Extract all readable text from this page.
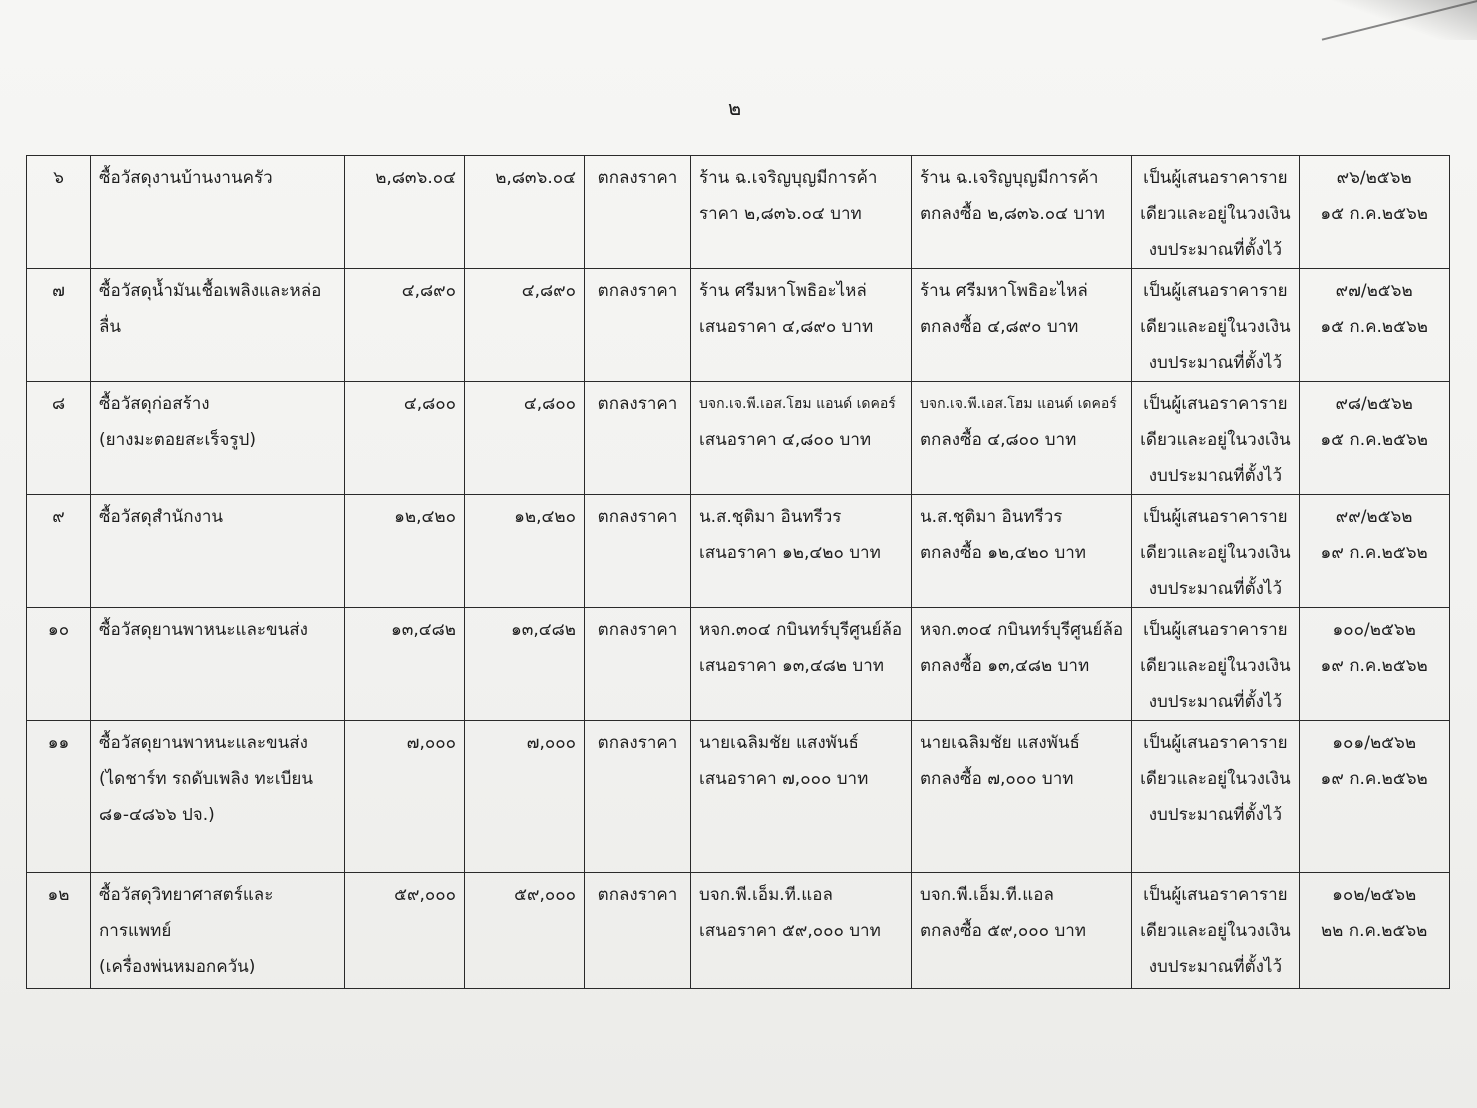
๒
๖	ซื้อวัสดุงานบ้านงานครัว	๒,๘๓๖.๐๔	๒,๘๓๖.๐๔	ตกลงราคา	ร้าน ฉ.เจริญบุญมีการค้า
ราคา ๒,๘๓๖.๐๔ บาท	ร้าน ฉ.เจริญบุญมีการค้า
ตกลงซื้อ ๒,๘๓๖.๐๔ บาท	เป็นผู้เสนอราคาราย
เดียวและอยู่ในวงเงิน
งบประมาณที่ตั้งไว้	๙๖/๒๕๖๒
๑๕ ก.ค.๒๕๖๒

๗	ซื้อวัสดุน้ำมันเชื้อเพลิงและหล่อ
ลื่น	๔,๘๙๐	๔,๘๙๐	ตกลงราคา	ร้าน ศรีมหาโพธิอะไหล่
เสนอราคา ๔,๘๙๐ บาท	ร้าน ศรีมหาโพธิอะไหล่
ตกลงซื้อ ๔,๘๙๐ บาท	เป็นผู้เสนอราคาราย
เดียวและอยู่ในวงเงิน
งบประมาณที่ตั้งไว้	๙๗/๒๕๖๒
๑๕ ก.ค.๒๕๖๒

๘	ซื้อวัสดุก่อสร้าง
(ยางมะตอยสะเร็จรูป)	๔,๘๐๐	๔,๘๐๐	ตกลงราคา	บจก.เจ.พี.เอส.โฮม แอนด์ เดคอร์
เสนอราคา ๔,๘๐๐ บาท	บจก.เจ.พี.เอส.โฮม แอนด์ เดคอร์
ตกลงซื้อ ๔,๘๐๐ บาท	เป็นผู้เสนอราคาราย
เดียวและอยู่ในวงเงิน
งบประมาณที่ตั้งไว้	๙๘/๒๕๖๒
๑๕ ก.ค.๒๕๖๒

๙	ซื้อวัสดุสำนักงาน	๑๒,๔๒๐	๑๒,๔๒๐	ตกลงราคา	น.ส.ชุติมา อินทรีวร
เสนอราคา ๑๒,๔๒๐ บาท	น.ส.ชุติมา อินทรีวร
ตกลงซื้อ ๑๒,๔๒๐ บาท	เป็นผู้เสนอราคาราย
เดียวและอยู่ในวงเงิน
งบประมาณที่ตั้งไว้	๙๙/๒๕๖๒
๑๙ ก.ค.๒๕๖๒

๑๐	ซื้อวัสดุยานพาหนะและขนส่ง	๑๓,๔๘๒	๑๓,๔๘๒	ตกลงราคา	หจก.๓๐๔ กบินทร์บุรีศูนย์ล้อ
เสนอราคา ๑๓,๔๘๒ บาท	หจก.๓๐๔ กบินทร์บุรีศูนย์ล้อ
ตกลงซื้อ ๑๓,๔๘๒ บาท	เป็นผู้เสนอราคาราย
เดียวและอยู่ในวงเงิน
งบประมาณที่ตั้งไว้	๑๐๐/๒๕๖๒
๑๙ ก.ค.๒๕๖๒

๑๑	ซื้อวัสดุยานพาหนะและขนส่ง
(ไดชาร์ท รถดับเพลิง ทะเบียน
๘๑-๔๘๖๖ ปจ.)	๗,๐๐๐	๗,๐๐๐	ตกลงราคา	นายเฉลิมชัย แสงพันธ์
เสนอราคา ๗,๐๐๐ บาท	นายเฉลิมชัย แสงพันธ์
ตกลงซื้อ ๗,๐๐๐ บาท	เป็นผู้เสนอราคาราย
เดียวและอยู่ในวงเงิน
งบประมาณที่ตั้งไว้	๑๐๑/๒๕๖๒
๑๙ ก.ค.๒๕๖๒

๑๒	ซื้อวัสดุวิทยาศาสตร์และ
การแพทย์
(เครื่องพ่นหมอกควัน)	๕๙,๐๐๐	๕๙,๐๐๐	ตกลงราคา	บจก.พี.เอ็ม.ที.แอล
เสนอราคา ๕๙,๐๐๐ บาท	บจก.พี.เอ็ม.ที.แอล
ตกลงซื้อ ๕๙,๐๐๐ บาท	เป็นผู้เสนอราคาราย
เดียวและอยู่ในวงเงิน
งบประมาณที่ตั้งไว้	๑๐๒/๒๕๖๒
๒๒ ก.ค.๒๕๖๒
